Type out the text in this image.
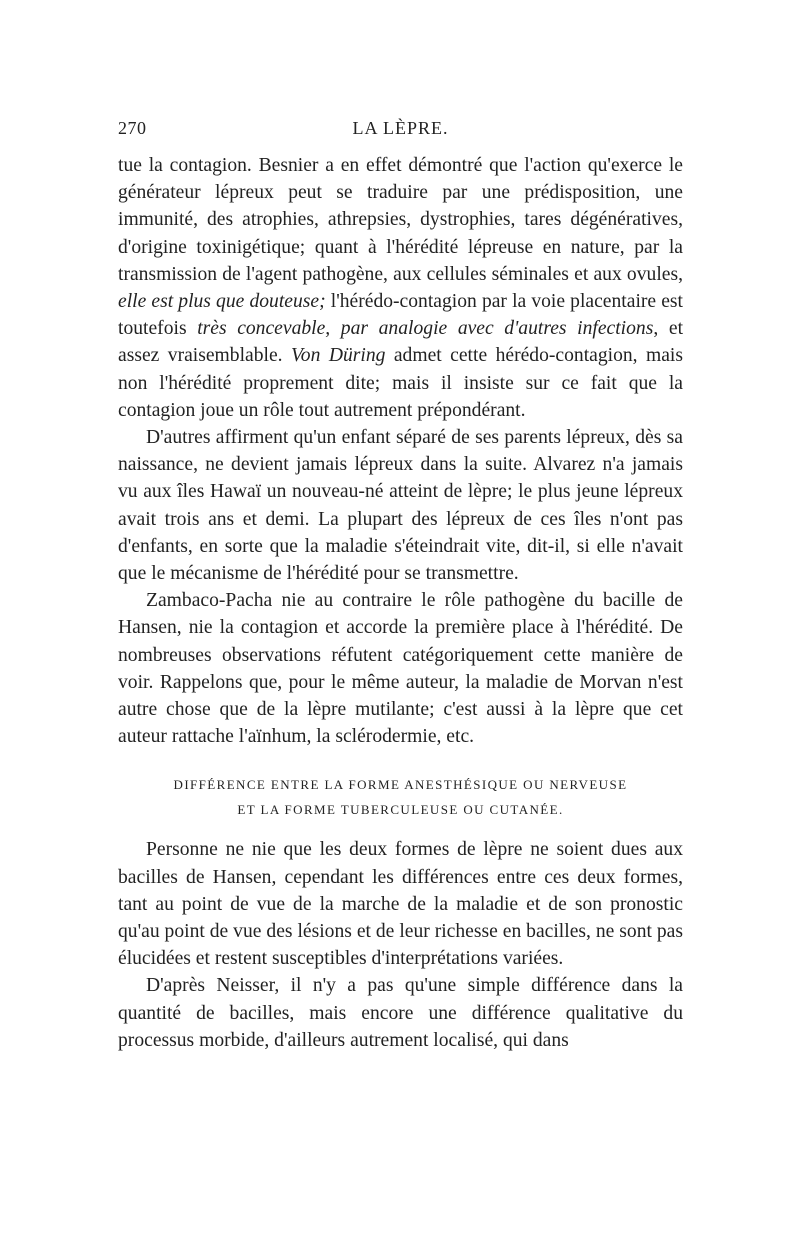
270	LA LÈPRE.

tue la contagion. Besnier a en effet démontré que l'action qu'exerce le générateur lépreux peut se traduire par une prédisposition, une immunité, des atrophies, athrepsies, dystrophies, tares dégénératives, d'origine toxinigétique; quant à l'hérédité lépreuse en nature, par la transmission de l'agent pathogène, aux cellules séminales et aux ovules, elle est plus que douteuse; l'hérédo-contagion par la voie placentaire est toutefois très concevable, par analogie avec d'autres infections, et assez vraisemblable. Von Düring admet cette hérédo-contagion, mais non l'hérédité proprement dite; mais il insiste sur ce fait que la contagion joue un rôle tout autrement prépondérant.

D'autres affirment qu'un enfant séparé de ses parents lépreux, dès sa naissance, ne devient jamais lépreux dans la suite. Alvarez n'a jamais vu aux îles Hawaï un nouveau-né atteint de lèpre; le plus jeune lépreux avait trois ans et demi. La plupart des lépreux de ces îles n'ont pas d'enfants, en sorte que la maladie s'éteindrait vite, dit-il, si elle n'avait que le mécanisme de l'hérédité pour se transmettre.

Zambaco-Pacha nie au contraire le rôle pathogène du bacille de Hansen, nie la contagion et accorde la première place à l'hérédité. De nombreuses observations réfutent catégoriquement cette manière de voir. Rappelons que, pour le même auteur, la maladie de Morvan n'est autre chose que de la lèpre mutilante; c'est aussi à la lèpre que cet auteur rattache l'aïnhum, la sclérodermie, etc.

DIFFÉRENCE ENTRE LA FORME ANESTHÉSIQUE OU NERVEUSE
ET LA FORME TUBERCULEUSE OU CUTANÉE.

Personne ne nie que les deux formes de lèpre ne soient dues aux bacilles de Hansen, cependant les différences entre ces deux formes, tant au point de vue de la marche de la maladie et de son pronostic qu'au point de vue des lésions et de leur richesse en bacilles, ne sont pas élucidées et restent susceptibles d'interprétations variées.

D'après Neisser, il n'y a pas qu'une simple différence dans la quantité de bacilles, mais encore une différence qualitative du processus morbide, d'ailleurs autrement localisé, qui dans
